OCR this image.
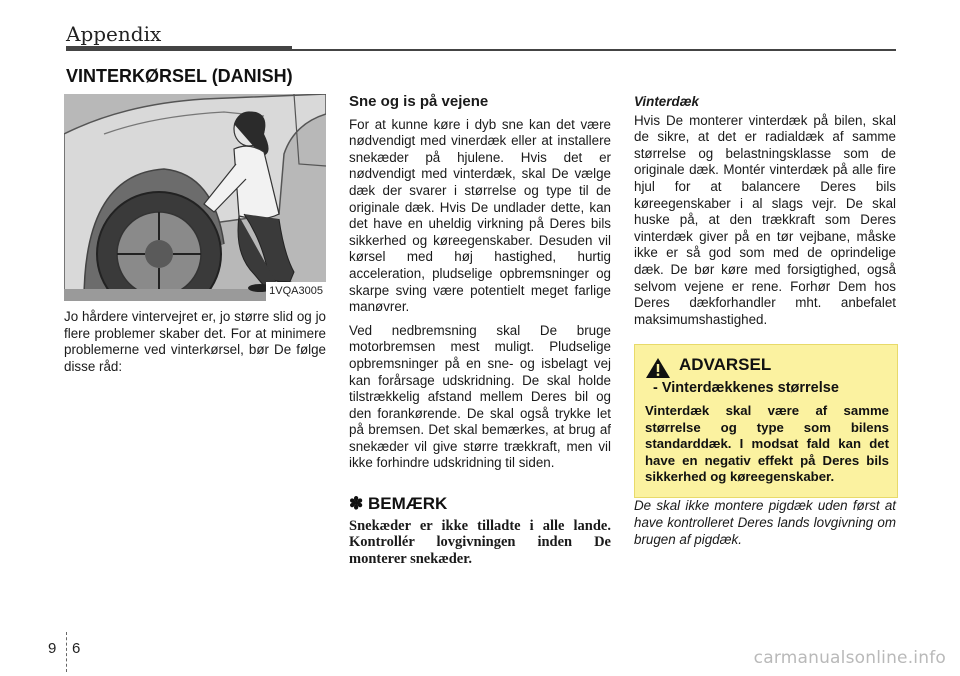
Appendix
VINTERKØRSEL (DANISH)
1VQA3005

Jo hårdere vintervejret er, jo større slid og jo flere problemer skaber det. For at minimere problemerne ved vinterkørsel, bør De følge disse råd:

Sne og is på vejene

For at kunne køre i dyb sne kan det være nødvendigt med vinerdæk eller at installere snekæder på hjulene. Hvis det er nødvendigt med vinterdæk, skal De vælge dæk der svarer i størrelse og type til de originale dæk. Hvis De undlader dette, kan det have en uheldig virkning på Deres bils sikkerhed og køreegenskaber. Desuden vil kørsel med høj hastighed, hurtig acceleration, pludselige opbremsninger og skarpe sving være potentielt meget farlige manøvrer.

Ved nedbremsning skal De bruge motorbremsen mest muligt. Pludselige opbremsninger på en sne- og isbelagt vej kan forårsage udskridning. De skal holde tilstrækkelig afstand mellem Deres bil og den forankørende. De skal også trykke let på bremsen. Det skal bemærkes, at brug af snekæder vil give større trækkraft, men vil ikke forhindre udskridning til siden.

✽ BEMÆRK

Snekæder er ikke tilladte i alle lande. Kontrollér lovgivningen inden De monterer snekæder.

Vinterdæk

Hvis De monterer vinterdæk på bilen, skal de sikre, at det er radialdæk af samme størrelse og belastningsklasse som de originale dæk. Montér vinterdæk på alle fire hjul for at balancere Deres bils køreegenskaber i al slags vejr. De skal huske på, at den trækkraft som Deres vinterdæk giver på en tør vejbane, måske ikke er så god som med de oprindelige dæk. De bør køre med forsigtighed, også selvom vejene er rene. Forhør Dem hos Deres dækforhandler mht. anbefalet maksimumshastighed.

ADVARSEL
- Vinterdækkenes størrelse
Vinterdæk skal være af samme størrelse og type som bilens standarddæk. I modsat fald kan det have en negativ effekt på Deres bils sikkerhed og køreegenskaber.

De skal ikke montere pigdæk uden først at have kontrolleret Deres lands lovgivning om brugen af pigdæk.

9 6	carmanualsonline.info
